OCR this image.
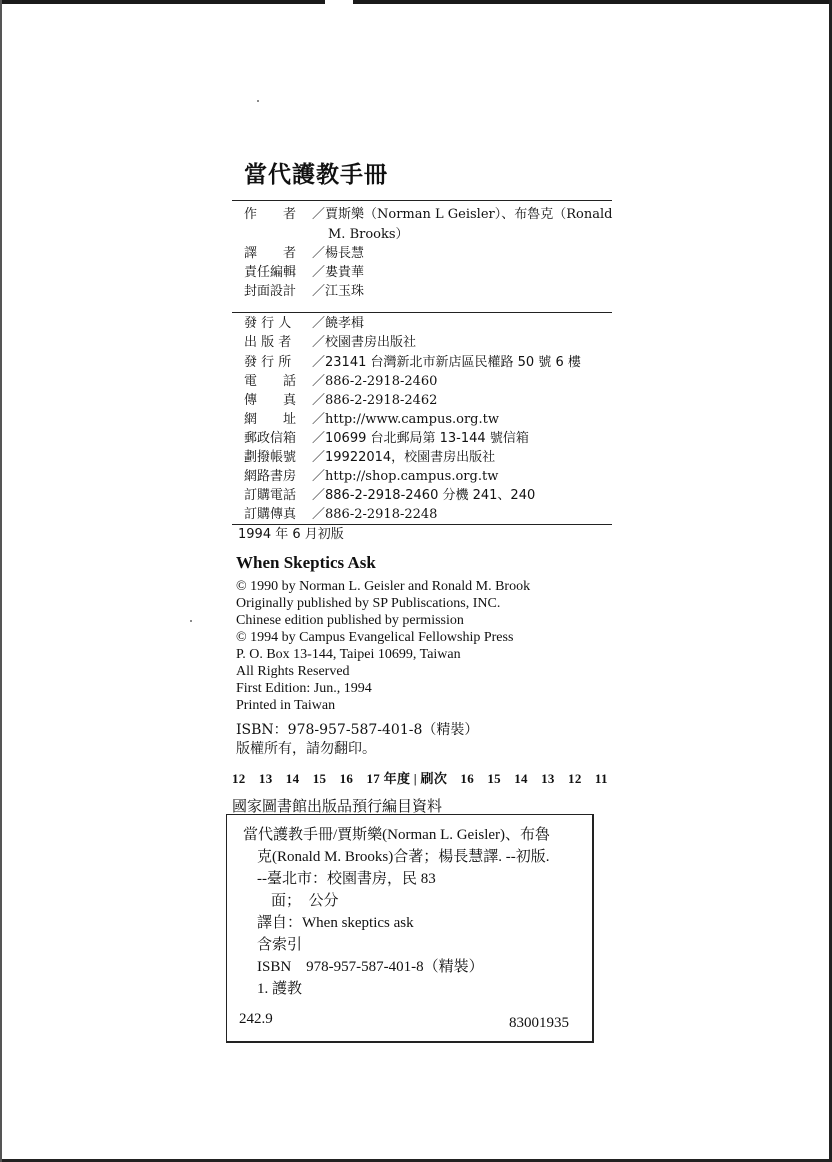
當代護教手冊
作　　者 ／賈斯樂（Norman L Geisler）、布魯克（Ronald
M. Brooks）
譯　　者 ／楊長慧
責任編輯 ／婁貴華
封面設計 ／江玉珠
發 行 人 ／饒孝楫
出 版 者 ／校園書房出版社
發 行 所 ／23141 台灣新北市新店區民權路 50 號 6 樓
電　　話 ／886-2-2918-2460
傳　　真 ／886-2-2918-2462
網　　址 ／http://www.campus.org.tw
郵政信箱 ／10699 台北郵局第 13-144 號信箱
劃撥帳號 ／19922014，校園書房出版社
網路書房 ／http://shop.campus.org.tw
訂購電話 ／886-2-2918-2460 分機 241、240
訂購傳真 ／886-2-2918-2248
1994 年 6 月初版
When Skeptics Ask
© 1990 by Norman L. Geisler and Ronald M. Brook
Originally published by SP Publiscations, INC.
Chinese edition published by permission
© 1994 by Campus Evangelical Fellowship Press
P. O. Box 13-144, Taipei 10699, Taiwan
All Rights Reserved
First Edition: Jun., 1994
Printed in Taiwan
ISBN：978-957-587-401-8（精裝）
版權所有，請勿翻印。
12　13　14　15　16　17 年度 | 刷次　16　15　14　13　12　11
國家圖書館出版品預行編目資料
當代護教手冊/賈斯樂(Norman L. Geisler)、布魯
克(Ronald M. Brooks)合著；楊長慧譯. --初版.
--臺北市：校園書房，民 83
面；　公分
譯自：When skeptics ask
含索引
ISBN　978-957-587-401-8（精裝）
1. 護教
242.9	83001935
